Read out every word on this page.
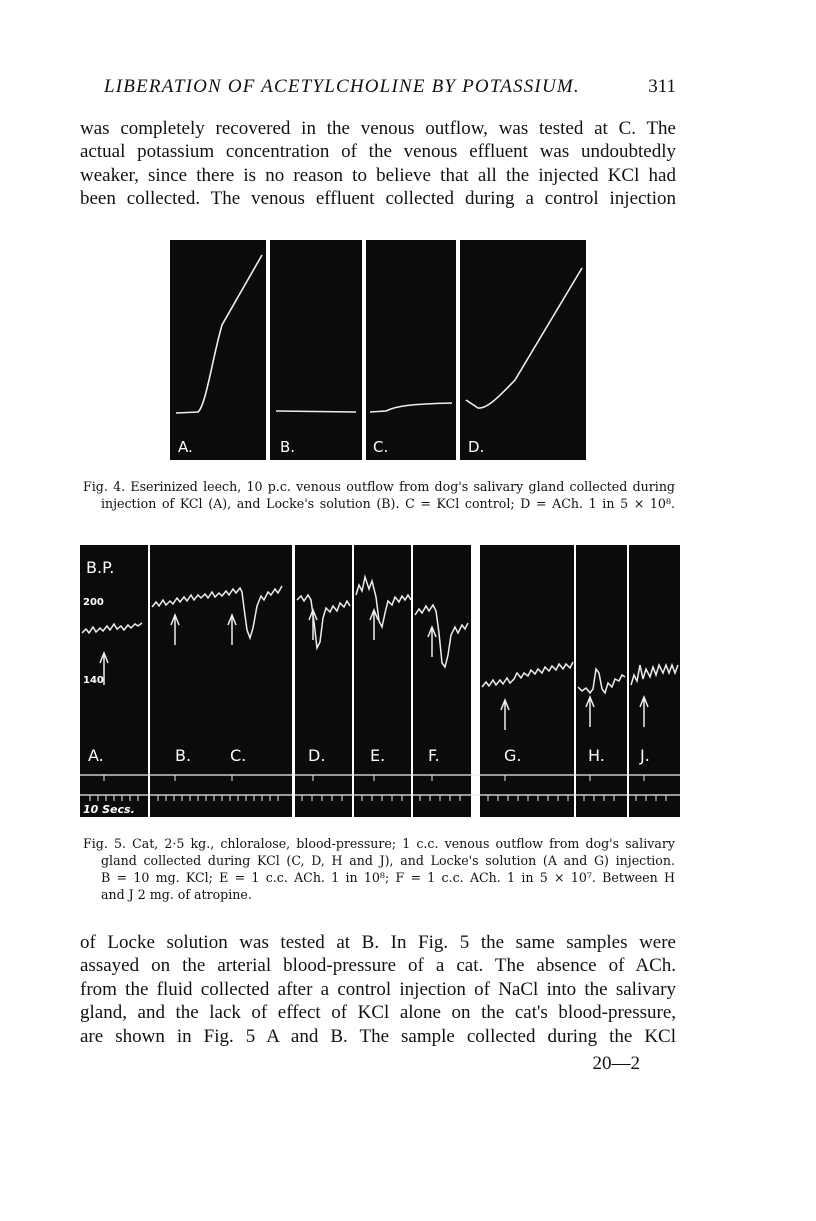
LIBERATION OF ACETYLCHOLINE BY POTASSIUM.	311
was completely recovered in the venous outflow, was tested at C. The
actual potassium concentration of the venous effluent was undoubtedly
weaker, since there is no reason to believe that all the injected KCl had
been collected. The venous effluent collected during a control injection
A.	B.	C.	D.
Fig. 4. Eserinized leech, 10 p.c. venous outflow from dog's salivary gland collected during
injection of KCl (A), and Locke's solution (B). C = KCl control; D = ACh. 1 in 5 × 10⁸.
B.P.
200
140
A.	B. C.	D.	E.	F.	G.	H. J.
10 Secs.
Fig. 5. Cat, 2·5 kg., chloralose, blood-pressure; 1 c.c. venous outflow from dog's salivary
gland collected during KCl (C, D, H and J), and Locke's solution (A and G) injection.
B = 10 mg. KCl; E = 1 c.c. ACh. 1 in 10⁸; F = 1 c.c. ACh. 1 in 5 × 10⁷. Between H
and J 2 mg. of atropine.
of Locke solution was tested at B. In Fig. 5 the same samples were
assayed on the arterial blood-pressure of a cat. The absence of ACh.
from the fluid collected after a control injection of NaCl into the salivary
gland, and the lack of effect of KCl alone on the cat's blood-pressure,
are shown in Fig. 5 A and B. The sample collected during the KCl
20—2
